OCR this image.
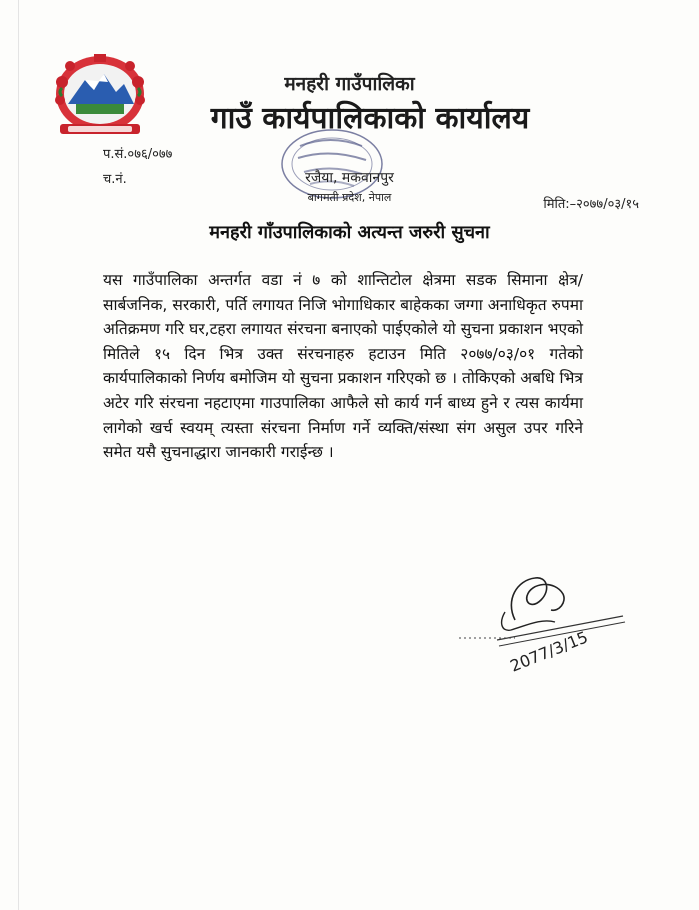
मनहरी गाउँपालिका
गाउँ कार्यपालिकाको कार्यालय
प.सं.०७६/०७७
च.नं.	रजैया, मकवानपुर
बागमती प्रदेश, नेपाल	मिति:–२०७७/०३/१५
मनहरी गाँउपालिकाको अत्यन्त जरुरी सुचना
यस गाउँपालिका अन्तर्गत वडा नं ७ को शान्तिटोल क्षेत्रमा सडक सिमाना क्षेत्र/सार्बजनिक, सरकारी, पर्ति लगायत निजि भोगाधिकार बाहेकका जग्गा अनाधिकृत रुपमा अतिक्रमण गरि घर,टहरा लगायत संरचना बनाएको पाईएकोले यो सुचना प्रकाशन भएको मितिले १५ दिन भित्र उक्त संरचनाहरु हटाउन मिति २०७७/०३/०१ गतेको कार्यपालिकाको निर्णय बमोजिम यो सुचना प्रकाशन गरिएको छ । तोकिएको अबधि भित्र अटेर गरि संरचना नहटाएमा गाउपालिका आफैले सो कार्य गर्न बाध्य हुने र त्यस कार्यमा लागेको खर्च स्वयम् त्यस्ता संरचना निर्माण गर्ने व्यक्ति/संस्था संग असुल उपर गरिने समेत यसै सुचनाद्धारा जानकारी गराईन्छ ।
2077/3/15
